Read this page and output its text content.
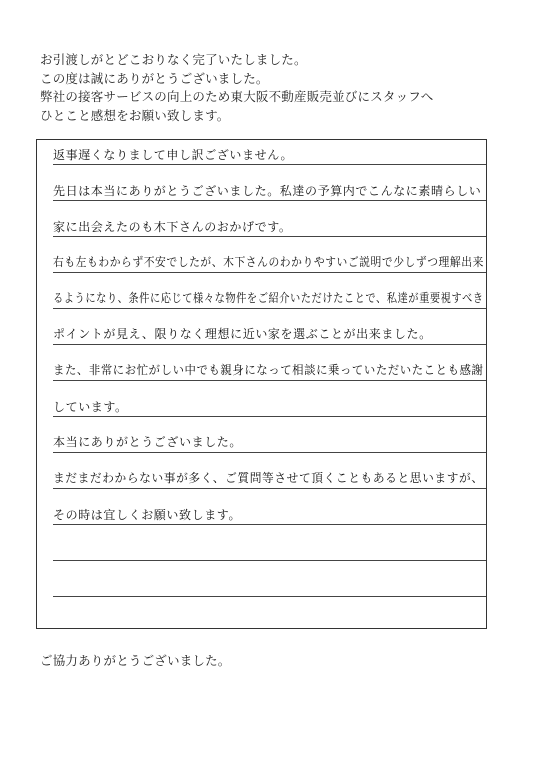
お引渡しがとどこおりなく完了いたしました。
この度は誠にありがとうございました。
弊社の接客サービスの向上のため東大阪不動産販売並びにスタッフへ
ひとこと感想をお願い致します。
返事遅くなりまして申し訳ございません。
先日は本当にありがとうございました。私達の予算内でこんなに素晴らしい
家に出会えたのも木下さんのおかげです。
右も左もわからず不安でしたが、木下さんのわかりやすいご説明で少しずつ理解出来
るようになり、条件に応じて様々な物件をご紹介いただけたことで、私達が重要視すべき
ポイントが見え、限りなく理想に近い家を選ぶことが出来ました。
また、非常にお忙がしい中でも親身になって相談に乗っていただいたことも感謝
しています。
本当にありがとうございました。
まだまだわからない事が多く、ご質問等させて頂くこともあると思いますが、
その時は宜しくお願い致します。
ご協力ありがとうございました。
